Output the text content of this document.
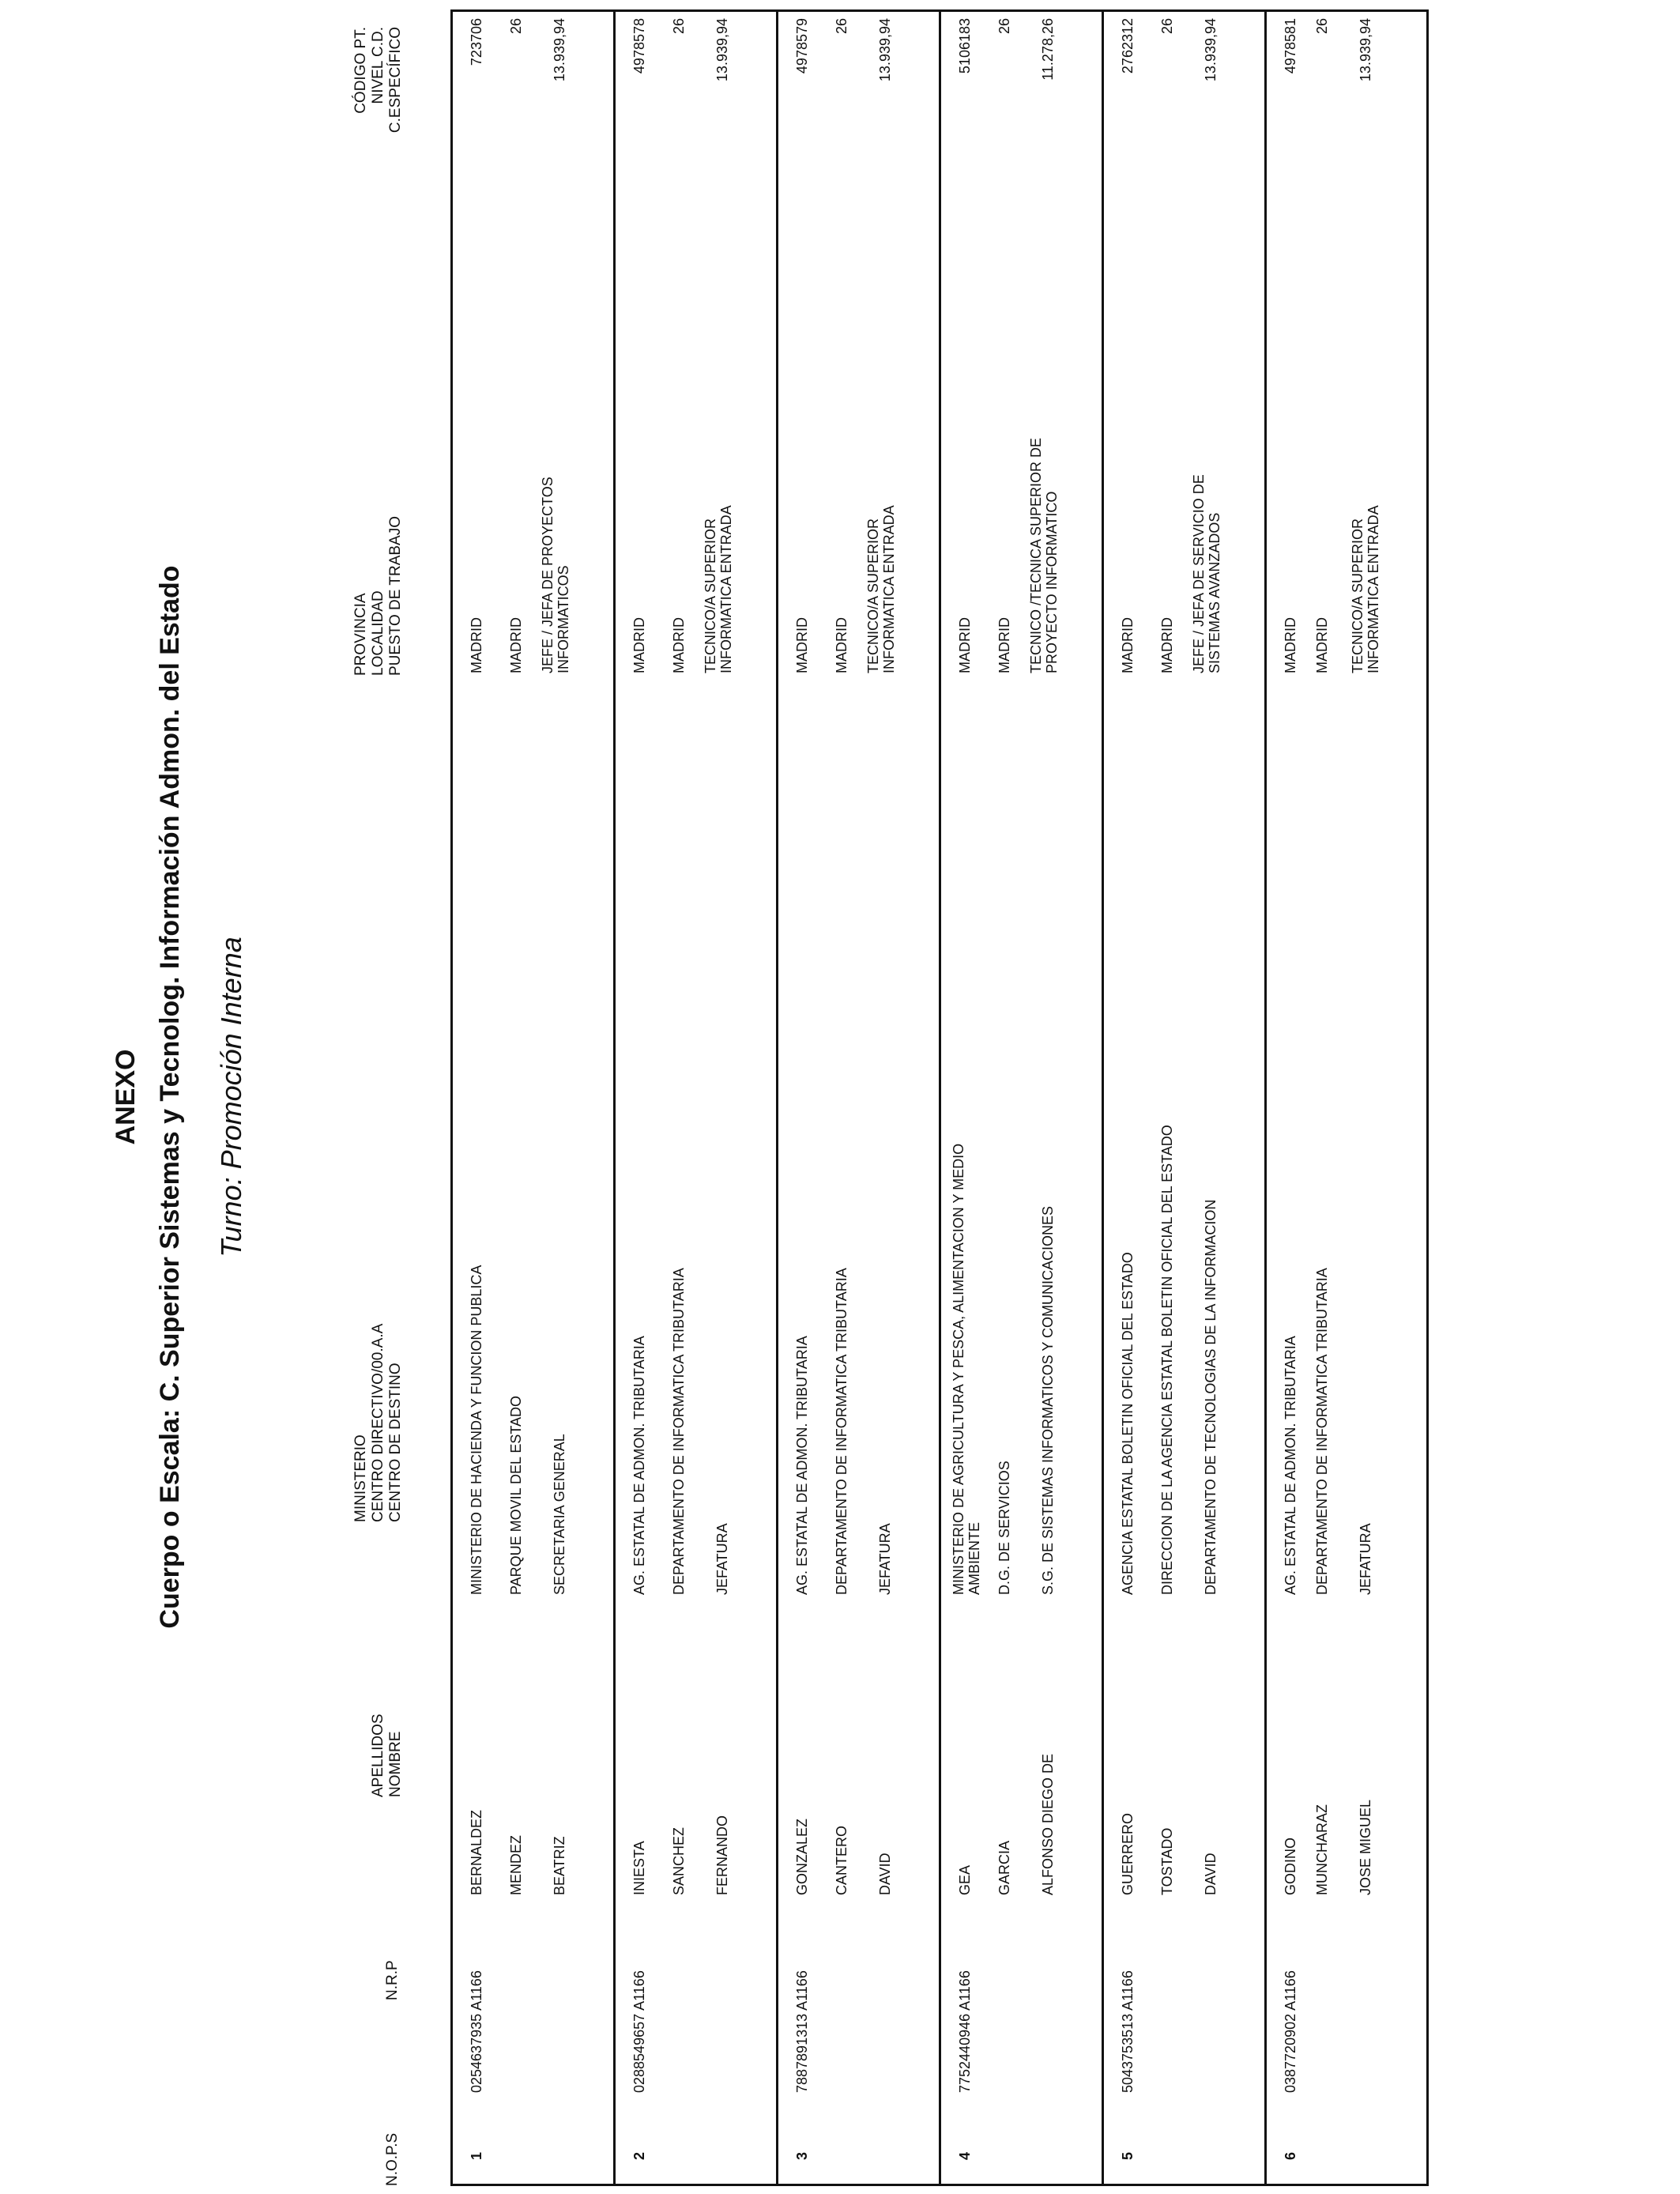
ANEXO Cuerpo o Escala: C. Superior Sistemas y Tecnolog. Información Admon. del Estado Turno: Promoción Interna
N.O.P.S
N.R.P
APELLIDOS NOMBRE
MINISTERIO CENTRO DIRECTIVO/00.A.A CENTRO DE DESTINO
PROVINCIA LOCALIDAD PUESTO DE TRABAJO
CÓDIGO PT. NIVEL C.D. C.ESPECÍFICO
1
0254637935 A1166
BERNALDEZ MENDEZ BEATRIZ
MINISTERIO DE HACIENDA Y FUNCION PUBLICA PARQUE MOVIL DEL ESTADO SECRETARIA GENERAL
MADRID MADRID JEFE / JEFA DE PROYECTOS INFORMATICOS
723706 26 13.939,94
2
0288549657 A1166
INIESTA SANCHEZ FERNANDO
AG. ESTATAL DE ADMON. TRIBUTARIA DEPARTAMENTO DE INFORMATICA TRIBUTARIA JEFATURA
MADRID MADRID TECNICO/A SUPERIOR INFORMATICA ENTRADA
4978578 26 13.939,94
3
7887891313 A1166
GONZALEZ CANTERO DAVID
AG. ESTATAL DE ADMON. TRIBUTARIA DEPARTAMENTO DE INFORMATICA TRIBUTARIA JEFATURA
MADRID MADRID TECNICO/A SUPERIOR INFORMATICA ENTRADA
4978579 26 13.939,94
4
7752440946 A1166
GEA GARCIA ALFONSO DIEGO DE
MINISTERIO DE AGRICULTURA Y PESCA, ALIMENTACION Y MEDIO AMBIENTE D.G. DE SERVICIOS S.G. DE SISTEMAS INFORMATICOS Y COMUNICACIONES
MADRID MADRID TECNICO /TECNICA SUPERIOR DE PROYECTO INFORMATICO
5106183 26 11.278,26
5
5043753513 A1166
GUERRERO TOSTADO DAVID
AGENCIA ESTATAL BOLETIN OFICIAL DEL ESTADO DIRECCION DE LA AGENCIA ESTATAL BOLETIN OFICIAL DEL ESTADO DEPARTAMENTO DE TECNOLOGIAS DE LA INFORMACION
MADRID MADRID JEFE / JEFA DE SERVICIO DE SISTEMAS AVANZADOS
2762312 26 13.939,94
6
0387720902 A1166
GODINO MUNCHARAZ JOSE MIGUEL
AG. ESTATAL DE ADMON. TRIBUTARIA DEPARTAMENTO DE INFORMATICA TRIBUTARIA JEFATURA
MADRID MADRID TECNICO/A SUPERIOR INFORMATICA ENTRADA
4978581 26 13.939,94
